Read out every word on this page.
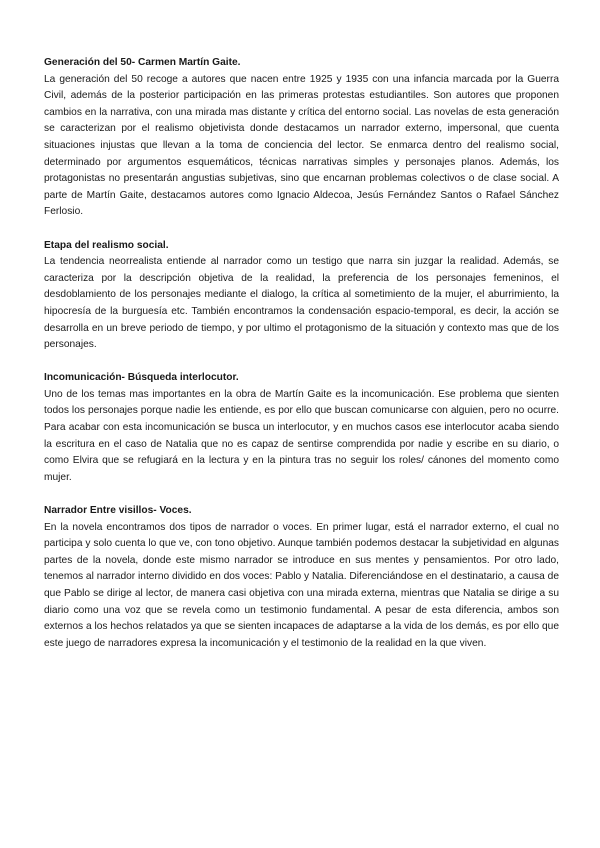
Generación del 50- Carmen Martín Gaite.

La generación del 50 recoge a autores que nacen entre 1925 y 1935 con una infancia marcada por la Guerra Civil, además de la posterior participación en las primeras protestas estudiantiles. Son autores que proponen cambios en la narrativa, con una mirada mas distante y crítica del entorno social. Las novelas de esta generación se caracterizan por el realismo objetivista donde destacamos un narrador externo, impersonal, que cuenta situaciones injustas que llevan a la toma de conciencia del lector. Se enmarca dentro del realismo social, determinado por argumentos esquemáticos, técnicas narrativas simples y personajes planos. Además, los protagonistas no presentarán angustias subjetivas, sino que encarnan problemas colectivos o de clase social. A parte de Martín Gaite, destacamos autores como Ignacio Aldecoa, Jesús Fernández Santos o Rafael Sánchez Ferlosio.

Etapa del realismo social.

La tendencia neorrealista entiende al narrador como un testigo que narra sin juzgar la realidad. Además, se caracteriza por la descripción objetiva de la realidad, la preferencia de los personajes femeninos, el desdoblamiento de los personajes mediante el dialogo, la crítica al sometimiento de la mujer, el aburrimiento, la hipocresía de la burguesía etc. También encontramos la condensación espacio-temporal, es decir, la acción se desarrolla en un breve periodo de tiempo, y por ultimo el protagonismo de la situación y contexto mas que de los personajes.

Incomunicación- Búsqueda interlocutor.

Uno de los temas mas importantes en la obra de Martín Gaite es la incomunicación. Ese problema que sienten todos los personajes porque nadie les entiende, es por ello que buscan comunicarse con alguien, pero no ocurre. Para acabar con esta incomunicación se busca un interlocutor, y en muchos casos ese interlocutor acaba siendo la escritura en el caso de Natalia que no es capaz de sentirse comprendida por nadie y escribe en su diario, o como Elvira que se refugiará en la lectura y en la pintura tras no seguir los roles/ cánones del momento como mujer.

Narrador Entre visillos- Voces.

En la novela encontramos dos tipos de narrador o voces. En primer lugar, está el narrador externo, el cual no participa y solo cuenta lo que ve, con tono objetivo. Aunque también podemos destacar la subjetividad en algunas partes de la novela, donde este mismo narrador se introduce en sus mentes y pensamientos. Por otro lado, tenemos al narrador interno dividido en dos voces: Pablo y Natalia. Diferenciándose en el destinatario, a causa de que Pablo se dirige al lector, de manera casi objetiva con una mirada externa, mientras que Natalia se dirige a su diario como una voz que se revela como un testimonio fundamental. A pesar de esta diferencia, ambos son externos a los hechos relatados ya que se sienten incapaces de adaptarse a la vida de los demás, es por ello que este juego de narradores expresa la incomunicación y el testimonio de la realidad en la que viven.
